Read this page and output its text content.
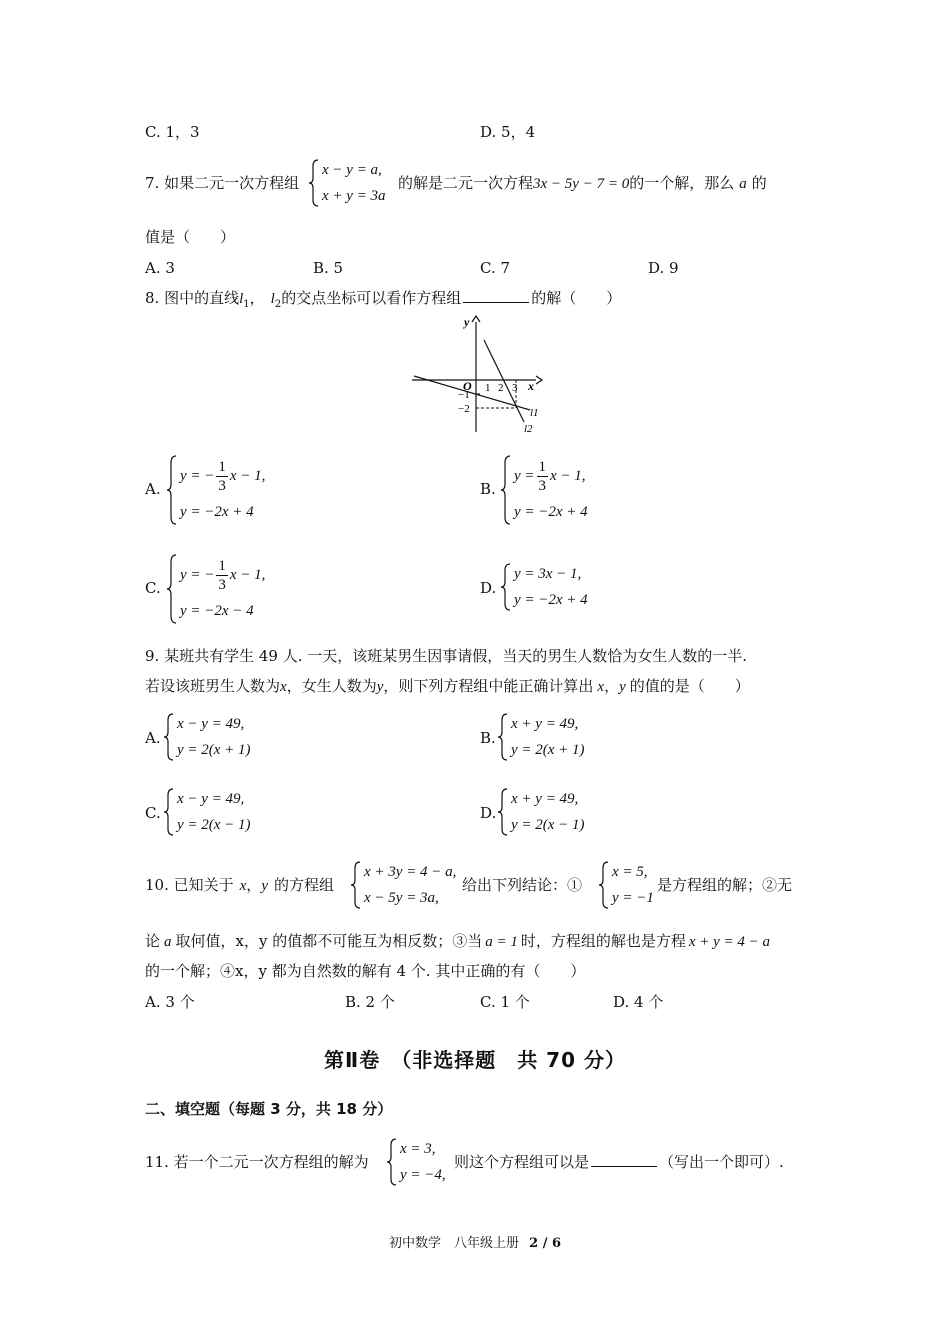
C. 1，3	D. 5，4
7. 如果二元一次方程组
x − y = a,
x + y = 3a
的解是二元一次方程3x − 5y − 7 = 0的一个解，那么 a 的
值是（　　）
A. 3	B. 5	C. 7	D. 9
8. 图中的直线$l_1$， $l_2$的交点坐标可以看作方程组	的解（　　）
y
x
O 1 2 3
−1
−2	l1
l2
A.
y = − $\frac{1}{3}$ x − 1,
y = −2x + 4
B.
$y = \frac{1}{3}$ x − 1,
y = −2x + 4
C.
y = − $\frac{1}{3}$ x − 1,
y = −2x − 4
D.
y = 3x − 1,
y = −2x + 4
9. 某班共有学生 49 人. 一天，该班某男生因事请假，当天的男生人数恰为女生人数的一半.
若设该班男生人数为x，女生人数为y，则下列方程组中能正确计算出 x，y 的值的是（　　）
A.
x − y = 49,
y = 2(x + 1)
B.
x + y = 49,
y = 2(x + 1)
C.
x − y = 49,
y = 2(x − 1)
D.
x + y = 49,
y = 2(x − 1)
10. 已知关于 x，y 的方程组
x + 3y = 4 − a,
x − 5y = 3a,
给出下列结论：①
x = 5,
y = −1
是方程组的解；②无
论 a 取何值，x，y 的值都不可能互为相反数；③当 a = 1 时，方程组的解也是方程 x + y = 4 − a
的一个解；④x，y 都为自然数的解有 4 个. 其中正确的有（　　）
A. 3 个	B. 2 个	C. 1 个	D. 4 个
第Ⅱ卷　（非选择题　共 70 分）
二、填空题（每题 3 分，共 18 分）
11. 若一个二元一次方程组的解为
x = 3,
y = −4,
则这个方程组可以是	（写出一个即可）.
初中数学　八年级上册 2 / 6
